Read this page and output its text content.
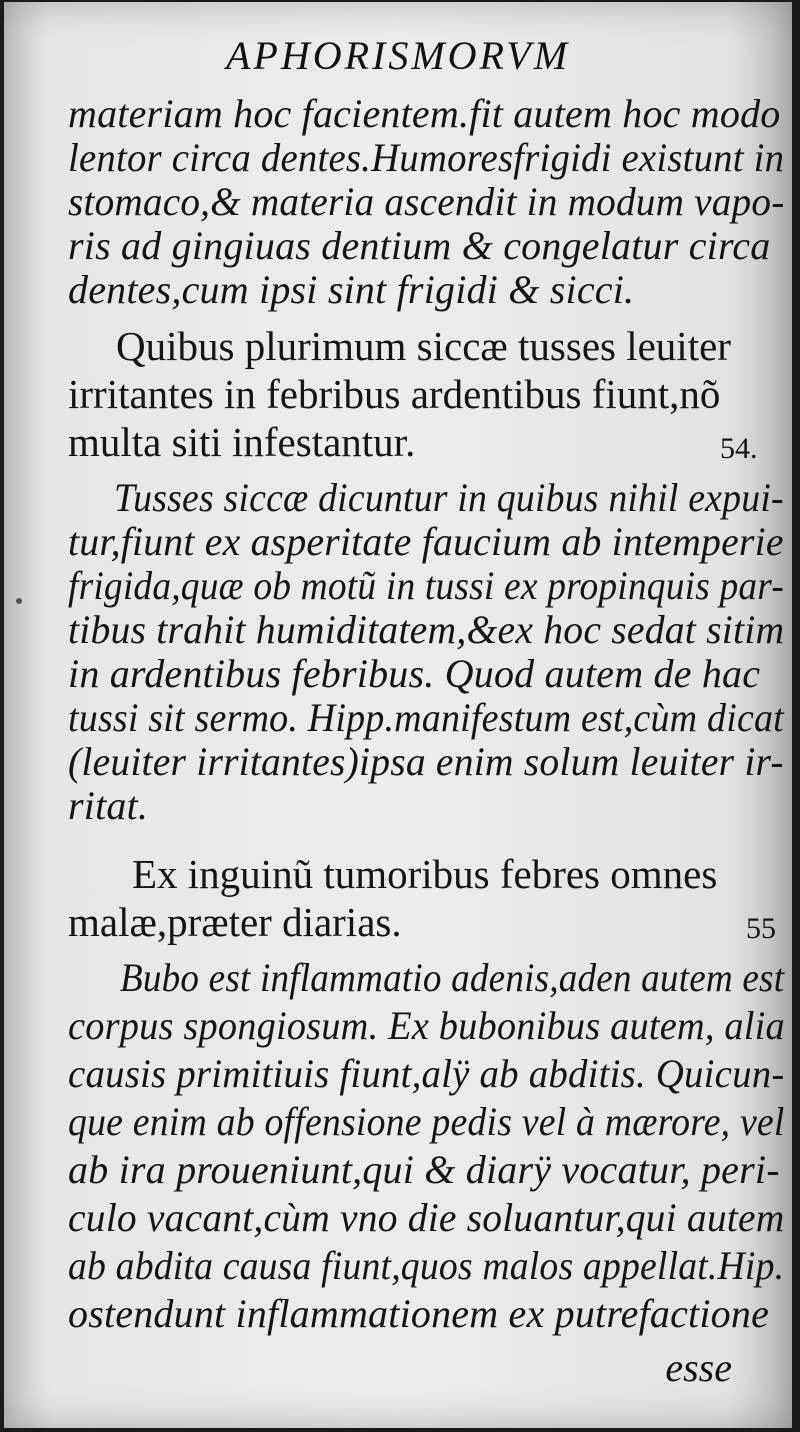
APHORISMORVM
materiam hoc facientem.fit autem hoc modo
lentor circa dentes.Humoresfrigidi existunt in
stomaco,& materia ascendit in modum vapo-
ris ad gingiuas dentium & congelatur circa
dentes,cum ipsi sint frigidi & sicci.
Quibus plurimum siccæ tusses leuiter
irritantes in febribus ardentibus fiunt,nõ
multa siti infestantur.	54.
Tusses siccæ dicuntur in quibus nihil expui-
tur,fiunt ex asperitate faucium ab intemperie
frigida,quæ ob motũ in tussi ex propinquis par-
tibus trahit humiditatem,&ex hoc sedat sitim
in ardentibus febribus. Quod autem de hac
tussi sit sermo. Hipp.manifestum est,cùm dicat
(leuiter irritantes)ipsa enim solum leuiter ir-
ritat.
Ex inguinũ tumoribus febres omnes
malæ,præter diarias.	55
Bubo est inflammatio adenis,aden autem est
corpus spongiosum. Ex bubonibus autem, alia
causis primitiuis fiunt,alÿ ab abditis. Quicun-
que enim ab offensione pedis vel à mærore, vel
ab ira proueniunt,qui & diarÿ vocatur, peri-
culo vacant,cùm vno die soluantur,qui autem
ab abdita causa fiunt,quos malos appellat.Hip.
ostendunt inflammationem ex putrefactione
esse
